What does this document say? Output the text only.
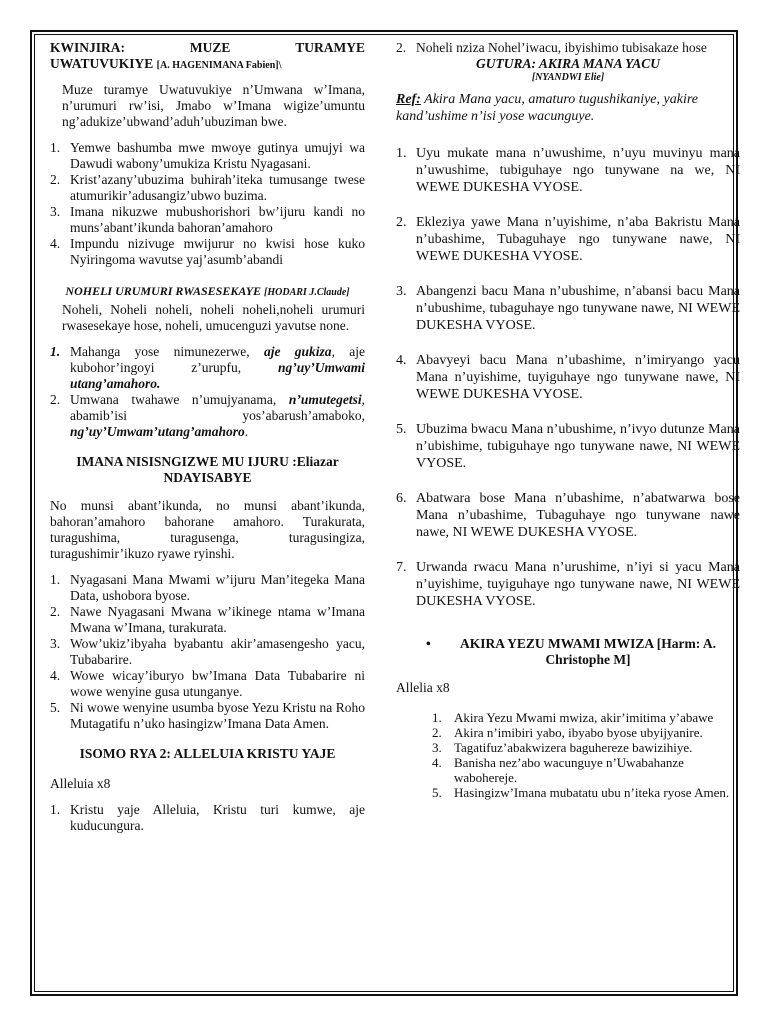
KWINJIRA:	MUZE	TURAMYE
UWATUVUKIYE [A. HAGENIMANA Fabien]\

Muze turamye Uwatuvukiye n’Umwana w’Imana, n’urumuri rw’isi, Jmabo w’Imana wigize’umuntu ng’adukize’ubwand’aduh’ubuziman bwe.

1. Yemwe bashumba mwe mwoye gutinya umujyi wa Dawudi wabony’umukiza Kristu Nyagasani.
2. Krist’azany’ubuzima buhirah’iteka tumusange twese atumurikir’adusangiz’ubwo buzima.
3. Imana nikuzwe mubushorishori bw’ijuru kandi no muns’abant’ikunda bahoran’amahoro
4. Impundu nizivuge mwijurur no kwisi hose kuko Nyiringoma wavutse yaj’asumb’abandi
NOHELI URUMURI RWASESEKAYE [HODARI J.Claude]

Noheli, Noheli noheli, noheli noheli,noheli urumuri rwasesekaye hose, noheli, umucenguzi yavutse none.

1. Mahanga yose nimunezerwe, aje gukiza, aje kubohor’ingoyi z’urupfu,	ng’uy’Umwami utang’amahoro.
2. Umwana twahawe n’umujyanama, n’umutegetsi, abamib’isi yos’abarush’amaboko, ng’uy’Umwam’utang’amahoro.
IMANA NISISNGIZWE MU IJURU :Eliazar NDAYISABYE

No munsi abant’ikunda, no munsi abant’ikunda, bahoran’amahoro bahorane amahoro. Turakurata, turagushima, turagusenga, turagusingiza, turagushimir’ikuzo ryawe ryinshi.

1. Nyagasani Mana Mwami w’ijuru Man’itegeka Mana Data, ushobora byose.
2. Nawe Nyagasani Mwana w’ikinege ntama w’Imana Mwana w’Imana, turakurata.
3. Wow’ukiz’ibyaha byabantu akir’amasengesho yacu, Tubabarire.
4. Wowe wicay’iburyo bw’Imana Data Tubabarire ni wowe wenyine gusa utunganye.
5. Ni wowe wenyine usumba byose Yezu Kristu na Roho Mutagatifu n’uko hasingizw’Imana Data Amen.
ISOMO RYA 2: ALLELUIA KRISTU YAJE

Alleluia x8

1. Kristu yaje Alleluia, Kristu turi kumwe, aje kuducungura.
2. Noheli nziza Nohel’iwacu, ibyishimo tubisakaze hose
GUTURA: AKIRA MANA YACU
[NYANDWI Elie]

Ref: Akira Mana yacu, amaturo tugushikaniye, yakire kand’ushime n’isi yose wacunguye.

1. Uyu mukate mana n’uwushime, n’uyu muvinyu mana n’uwushime, tubiguhaye ngo tunywane na we, NI WEWE DUKESHA VYOSE.
2. Ekleziya yawe Mana n’uyishime, n’aba Bakristu Mana n’ubashime, Tubaguhaye ngo tunywane nawe, NI WEWE DUKESHA VYOSE.
3. Abangenzi bacu Mana n’ubushime, n’abansi bacu Mana n’ubushime, tubaguhaye ngo tunywane nawe, NI WEWE DUKESHA VYOSE.
4. Abavyeyi bacu Mana n’ubashime, n’imiryango yacu Mana n’uyishime, tuyiguhaye ngo tunywane nawe, NI WEWE DUKESHA VYOSE.
5. Ubuzima bwacu Mana n’ubushime, n’ivyo dutunze Mana n’ubishime, tubiguhaye ngo tunywane nawe, NI WEWE VYOSE.
6. Abatwara bose Mana n’ubashime, n’abatwarwa bose Mana n’ubashime, Tubaguhaye ngo tunywane nawe nawe, NI WEWE DUKESHA VYOSE.
7. Urwanda rwacu Mana n’urushime, n’iyi si yacu Mana n’uyishime, tuyiguhaye ngo tunywane nawe, NI WEWE DUKESHA VYOSE.
• AKIRA YEZU MWAMI MWIZA [Harm: A. Christophe M]

Allelia x8

1. Akira Yezu Mwami mwiza, akir’imitima y’abawe
2. Akira n’imibiri yabo, ibyabo byose ubyijyanire.
3. Tagatifuz’abakwizera baguhereze bawizihiye.
4. Banisha nez’abo wacunguye n’Uwabahanze wabohereje.
5. Hasingizw’Imana mubatatu ubu n’iteka ryose Amen.
